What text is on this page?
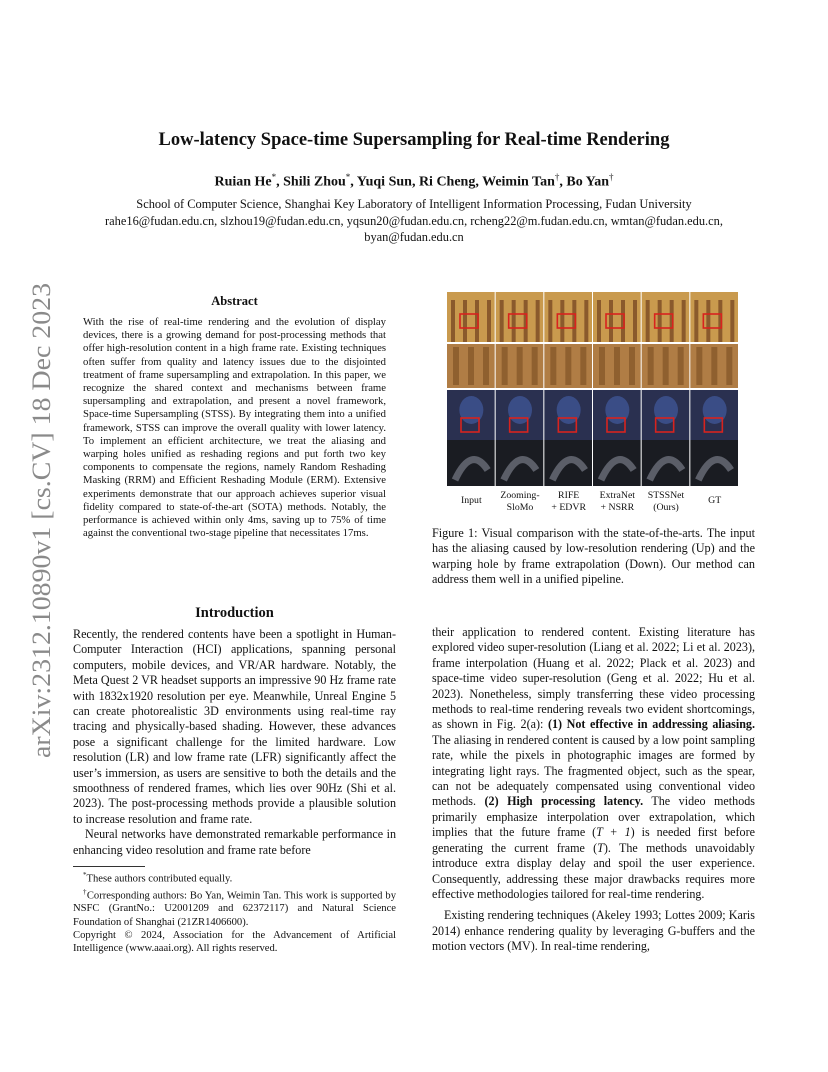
arXiv:2312.10890v1 [cs.CV] 18 Dec 2023
Low-latency Space-time Supersampling for Real-time Rendering
Ruian He*, Shili Zhou*, Yuqi Sun, Ri Cheng, Weimin Tan†, Bo Yan†
School of Computer Science, Shanghai Key Laboratory of Intelligent Information Processing, Fudan University
rahe16@fudan.edu.cn, slzhou19@fudan.edu.cn, yqsun20@fudan.edu.cn, rcheng22@m.fudan.edu.cn, wmtan@fudan.edu.cn,
byan@fudan.edu.cn
Abstract
With the rise of real-time rendering and the evolution of display devices, there is a growing demand for post-processing methods that offer high-resolution content in a high frame rate. Existing techniques often suffer from quality and latency issues due to the disjointed treatment of frame supersampling and extrapolation. In this paper, we recognize the shared context and mechanisms between frame supersampling and extrapolation, and present a novel framework, Space-time Supersampling (STSS). By integrating them into a unified framework, STSS can improve the overall quality with lower latency. To implement an efficient architecture, we treat the aliasing and warping holes unified as reshading regions and put forth two key components to compensate the regions, namely Random Reshading Masking (RRM) and Efficient Reshading Module (ERM). Extensive experiments demonstrate that our approach achieves superior visual fidelity compared to state-of-the-art (SOTA) methods. Notably, the performance is achieved within only 4ms, saving up to 75% of time against the conventional two-stage pipeline that necessitates 17ms.
Introduction

Recently, the rendered contents have been a spotlight in Human-Computer Interaction (HCI) applications, spanning personal computers, mobile devices, and VR/AR hardware. Notably, the Meta Quest 2 VR headset supports an impressive 90 Hz frame rate with 1832x1920 resolution per eye. Meanwhile, Unreal Engine 5 can create photorealistic 3D environments using real-time ray tracing and physically-based shading. However, these advances pose a significant challenge for the limited hardware. Low resolution (LR) and low frame rate (LFR) significantly affect the user’s immersion, as users are sensitive to both the details and the smoothness of rendered frames, which lies over 90Hz (Shi et al. 2023). The post-processing methods provide a plausible solution to increase resolution and frame rate.

Neural networks have demonstrated remarkable performance in enhancing video resolution and frame rate before

*These authors contributed equally.

†Corresponding authors: Bo Yan, Weimin Tan. This work is supported by NSFC (GrantNo.: U2001209 and 62372117) and Natural Science Foundation of Shanghai (21ZR1406600).

Copyright © 2024, Association for the Advancement of Artificial Intelligence (www.aaai.org). All rights reserved.

Input	Zooming-
SloMo
RIFE
+ EDVR
ExtraNet
+ NSRR
STSSNet
(Ours)
GT
Figure 1: Visual comparison with the state-of-the-arts. The input has the aliasing caused by low-resolution rendering (Up) and the warping hole by frame extrapolation (Down). Our method can address them well in a unified pipeline.

their application to rendered content. Existing literature has explored video super-resolution (Liang et al. 2022; Li et al. 2023), frame interpolation (Huang et al. 2022; Plack et al. 2023) and space-time video super-resolution (Geng et al. 2022; Hu et al. 2023). Nonetheless, simply transferring these video processing methods to real-time rendering reveals two evident shortcomings, as shown in Fig. 2(a): (1) Not effective in addressing aliasing. The aliasing in rendered content is caused by a low point sampling rate, while the pixels in photographic images are formed by integrating light rays. The fragmented object, such as the spear, can not be adequately compensated using conventional video methods. (2) High processing latency. The video methods primarily emphasize interpolation over extrapolation, which implies that the future frame (T + 1) is needed first before generating the current frame (T). The methods unavoidably introduce extra display delay and spoil the user experience. Consequently, addressing these major drawbacks requires more effective methodologies tailored for real-time rendering.

Existing rendering techniques (Akeley 1993; Lottes 2009; Karis 2014) enhance rendering quality by leveraging G-buffers and the motion vectors (MV). In real-time rendering,
